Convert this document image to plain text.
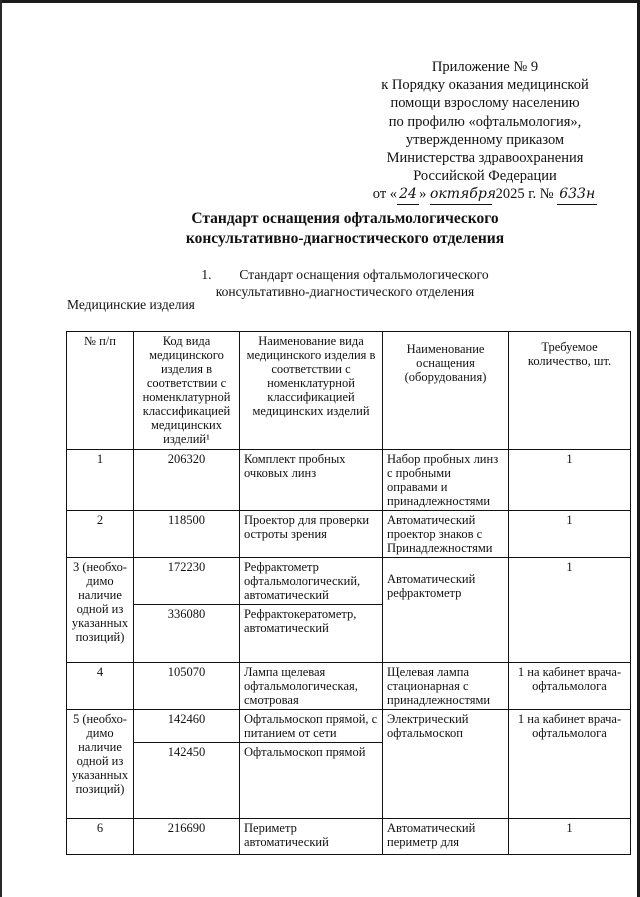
Приложение № 9
к Порядку оказания медицинской
помощи взрослому населению
по профилю «офтальмология»,
утвержденному приказом
Министерства здравоохранения
Российской Федерации
от « 24 » октября 2025 г. № 633н
Стандарт оснащения офтальмологического
консультативно-диагностического отделения
1. Стандарт оснащения офтальмологического
консультативно-диагностического отделения
Медицинские изделия
№ п/п	Код вида медицинского изделия в соответствии с номенклатурной классификацией медицинских изделий¹	Наименование вида медицинского изделия в соответствии с номенклатурной классификацией медицинских изделий	Наименование оснащения (оборудования)	Требуемое количество, шт.
1	206320	Комплект пробных очковых линз	Набор пробных линз с пробными оправами и принадлежностями	1
2	118500	Проектор для проверки остроты зрения	Автоматический проектор знаков с Принадлежностями	1
3 (необхо-димо наличие одной из указанных позиций)	172230	Рефрактометр офтальмологический, автоматический	Автоматический рефрактометр	1
	336080	Рефрактокератометр, автоматический		
4	105070	Лампа щелевая офтальмологическая, смотровая	Щелевая лампа стационарная с принадлежностями	1 на кабинет врача-офтальмолога
5 (необхо-димо наличие одной из указанных позиций)	142460	Офтальмоскоп прямой, с питанием от сети	Электрический офтальмоскоп	1 на кабинет врача-офтальмолога
	142450	Офтальмоскоп прямой		
6	216690	Периметр автоматический	Автоматический периметр для	1
